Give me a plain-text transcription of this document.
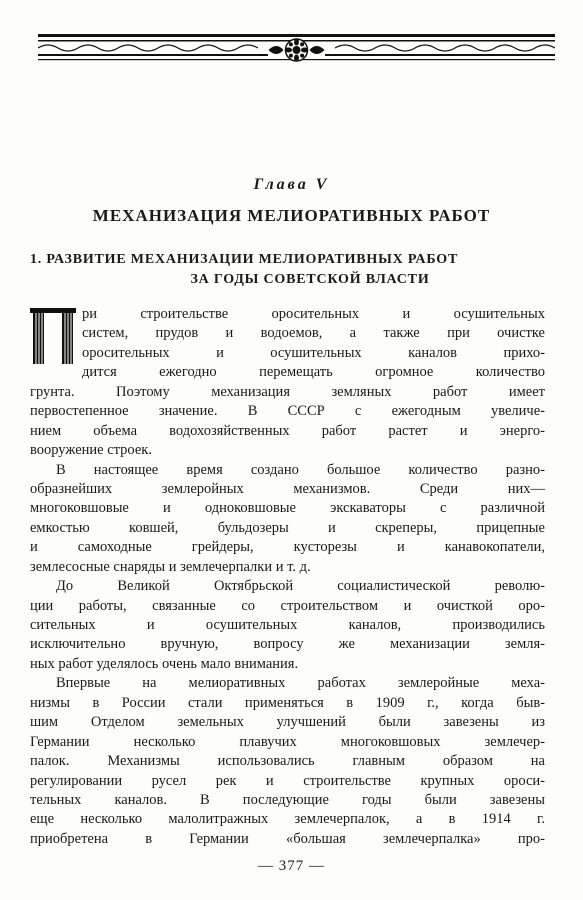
Глава V
МЕХАНИЗАЦИЯ МЕЛИОРАТИВНЫХ РАБОТ
1. РАЗВИТИЕ МЕХАНИЗАЦИИ МЕЛИОРАТИВНЫХ РАБОТ
ЗА ГОДЫ СОВЕТСКОЙ ВЛАСТИ
П
ри строительстве оросительных и осушительных
систем, прудов и водоемов, а также при очистке
оросительных и осушительных каналов прихо-
дится ежегодно перемещать огромное количество
грунта. Поэтому механизация земляных работ имеет
первостепенное значение. В СССР с ежегодным увеличе-
нием объема водохозяйственных работ растет и энерго-
вооружение строек.
В настоящее время создано большое количество разно-
образнейших землеройных механизмов. Среди них—
многоковшовые и одноковшовые экскаваторы с различной
емкостью ковшей, бульдозеры и скреперы, прицепные
и самоходные грейдеры, кусторезы и канавокопатели,
землесосные снаряды и землечерпалки и т. д.
До Великой Октябрьской социалистической револю-
ции работы, связанные со строительством и очисткой оро-
сительных и осушительных каналов, производились
исключительно вручную, вопросу же механизации земля-
ных работ уделялось очень мало внимания.
Впервые на мелиоративных работах землеройные меха-
низмы в России стали применяться в 1909 г., когда быв-
шим Отделом земельных улучшений были завезены из
Германии несколько плавучих многоковшовых землечер-
палок. Механизмы использовались главным образом на
регулировании русел рек и строительстве крупных ороси-
тельных каналов. В последующие годы были завезены
еще несколько малолитражных землечерпалок, а в 1914 г.
приобретена в Германии «большая землечерпалка» про-
— 377 —
